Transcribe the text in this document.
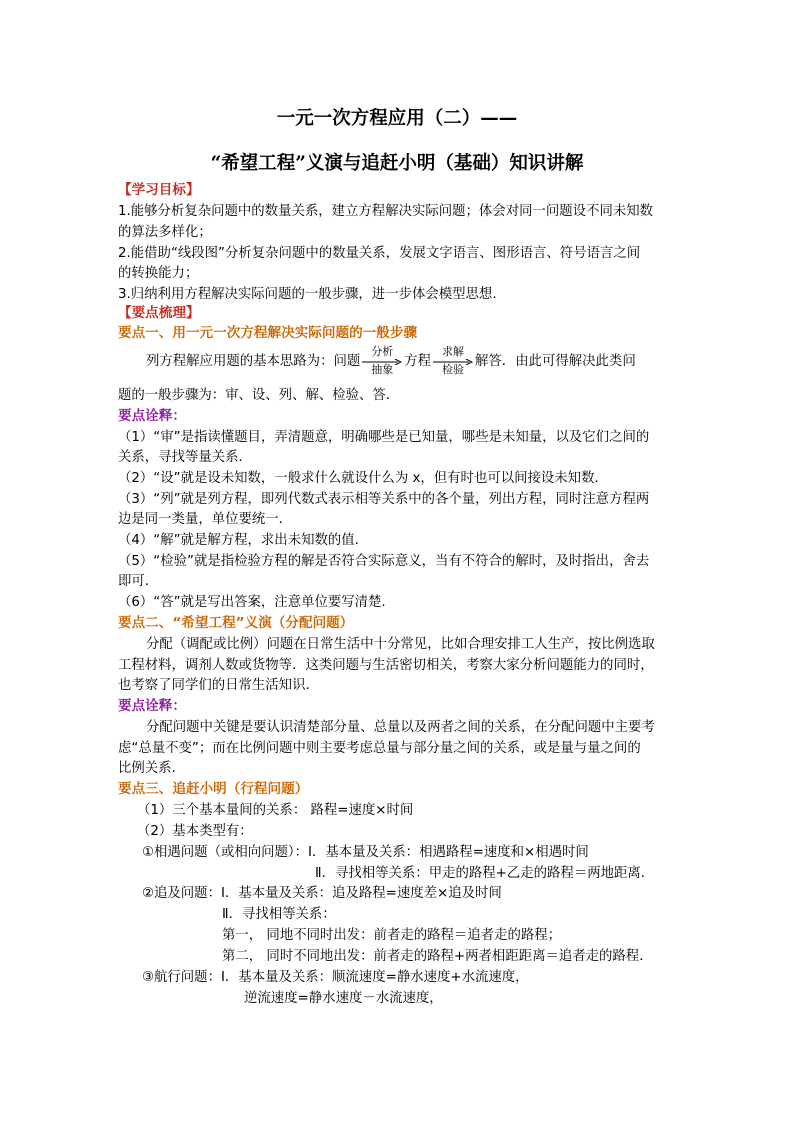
一元一次方程应用（二）——
“希望工程”义演与追赶小明（基础）知识讲解
【学习目标】
1.能够分析复杂问题中的数量关系，建立方程解决实际问题；体会对同一问题设不同未知数
的算法多样化；
2.能借助“线段图”分析复杂问题中的数量关系，发展文字语言、图形语言、符号语言之间
的转换能力；
3.归纳利用方程解决实际问题的一般步骤，进一步体会模型思想.
【要点梳理】
要点一、用一元一次方程解决实际问题的一般步骤
列方程解应用题的基本思路为：问题
分析
抽象
方程
求解
检验
解答．由此可得解决此类问
题的一般步骤为：审、设、列、解、检验、答．
要点诠释：
（1）“审”是指读懂题目，弄清题意，明确哪些是已知量，哪些是未知量，以及它们之间的
关系，寻找等量关系．
（2）“设”就是设未知数，一般求什么就设什么为 x，但有时也可以间接设未知数．
（3）“列”就是列方程，即列代数式表示相等关系中的各个量，列出方程，同时注意方程两
边是同一类量，单位要统一．
（4）“解”就是解方程，求出未知数的值.
（5）“检验”就是指检验方程的解是否符合实际意义，当有不符合的解时，及时指出，舍去
即可．
（6）“答”就是写出答案，注意单位要写清楚.
要点二、“希望工程”义演（分配问题）
分配（调配或比例）问题在日常生活中十分常见，比如合理安排工人生产，按比例选取
工程材料，调剂人数或货物等．这类问题与生活密切相关，考察大家分析问题能力的同时，
也考察了同学们的日常生活知识.
要点诠释：
分配问题中关键是要认识清楚部分量、总量以及两者之间的关系，在分配问题中主要考
虑“总量不变”；而在比例问题中则主要考虑总量与部分量之间的关系，或是量与量之间的
比例关系.
要点三、追赶小明（行程问题）
（1）三个基本量间的关系： 路程=速度×时间
（2）基本类型有：
①相遇问题（或相向问题）：Ⅰ．基本量及关系：相遇路程=速度和×相遇时间
Ⅱ．寻找相等关系：甲走的路程+乙走的路程＝两地距离．
②追及问题：Ⅰ．基本量及关系：追及路程=速度差×追及时间
Ⅱ．寻找相等关系：
第一， 同地不同时出发：前者走的路程＝追者走的路程；
第二， 同时不同地出发：前者走的路程+两者相距距离＝追者走的路程．
③航行问题：Ⅰ．基本量及关系：顺流速度=静水速度+水流速度，
逆流速度=静水速度－水流速度，
